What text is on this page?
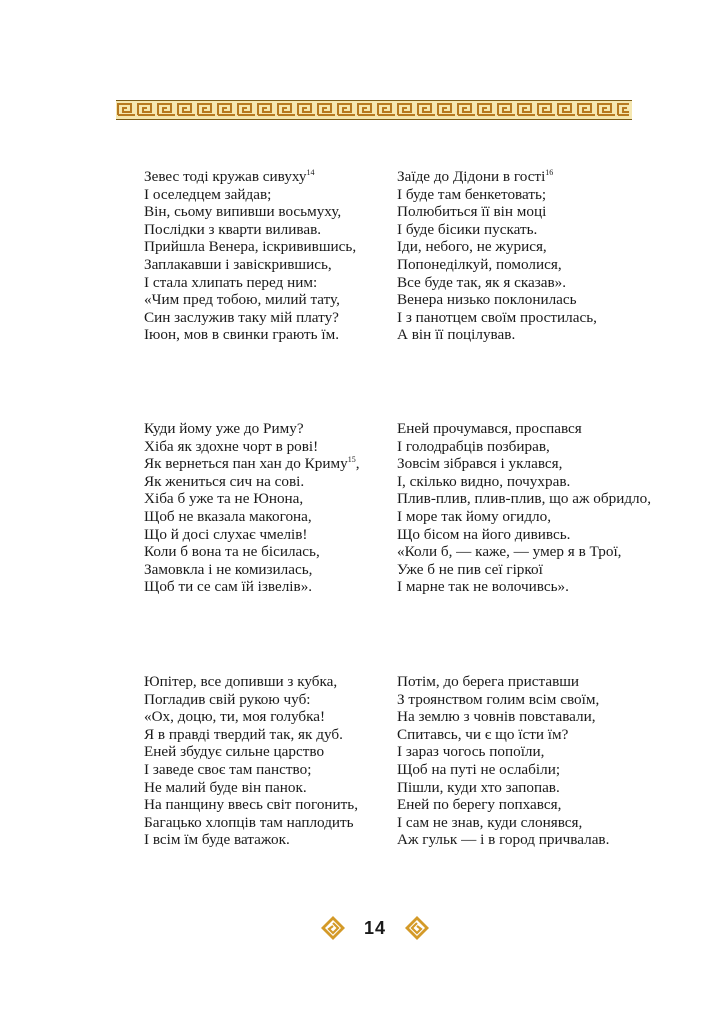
Зевес тоді кружав сивуху$^{14}$
І оселедцем зайдав;
Він, сьому випивши восьмуху,
Послідки з кварти виливав.
Прийшла Венера, іскривившись,
Заплакавши і завіскрившись,
І стала хлипать перед ним:
«Чим пред тобою, милий тату,
Син заслужив таку мій плату?
Іюон, мов в свинки грають їм.
Заїде до Дідони в гості$^{16}$
І буде там бенкетовать;
Полюбиться її він моці
І буде бісики пускать.
Іди, небого, не журися,
Попонеділкуй, помолися,
Все буде так, як я сказав».
Венера низько поклонилась
І з панотцем своїм простилась,
А він її поцілував.
Куди йому уже до Риму?
Хіба як здохне чорт в рові!
Як вернеться пан хан до Криму$^{15}$,
Як жениться сич на сові.
Хіба б уже та не Юнона,
Щоб не вказала макогона,
Що й досі слухає чмелів!
Коли б вона та не бісилась,
Замовкла і не комизилась,
Щоб ти се сам їй ізвелів».
Еней прочумався, проспався
І голодрабців позбирав,
Зовсім зібрався і уклався,
І, скілько видно, почухрав.
Плив-плив, плив-плив, що аж обридло,
І море так йому огидло,
Що бісом на його дививсь.
«Коли б, — каже, — умер я в Трої,
Уже б не пив сеї гіркої
І марне так не волочивсь».
Юпітер, все допивши з кубка,
Погладив свій рукою чуб:
«Ох, доцю, ти, моя голубка!
Я в правді твердий так, як дуб.
Еней збудує сильне царство
І заведе своє там панство;
Не малий буде він панок.
На панщину ввесь світ погонить,
Багацько хлопців там наплодить
І всім їм буде ватажок.
Потім, до берега приставши
З троянством голим всім своїм,
На землю з човнів повставали,
Спитавсь, чи є що їсти їм?
І зараз чогось попоїли,
Щоб на путі не ослабіли;
Пішли, куди хто запопав.
Еней по берегу попхався,
І сам не знав, куди слонявся,
Аж гульк — і в город причвалав.
14
